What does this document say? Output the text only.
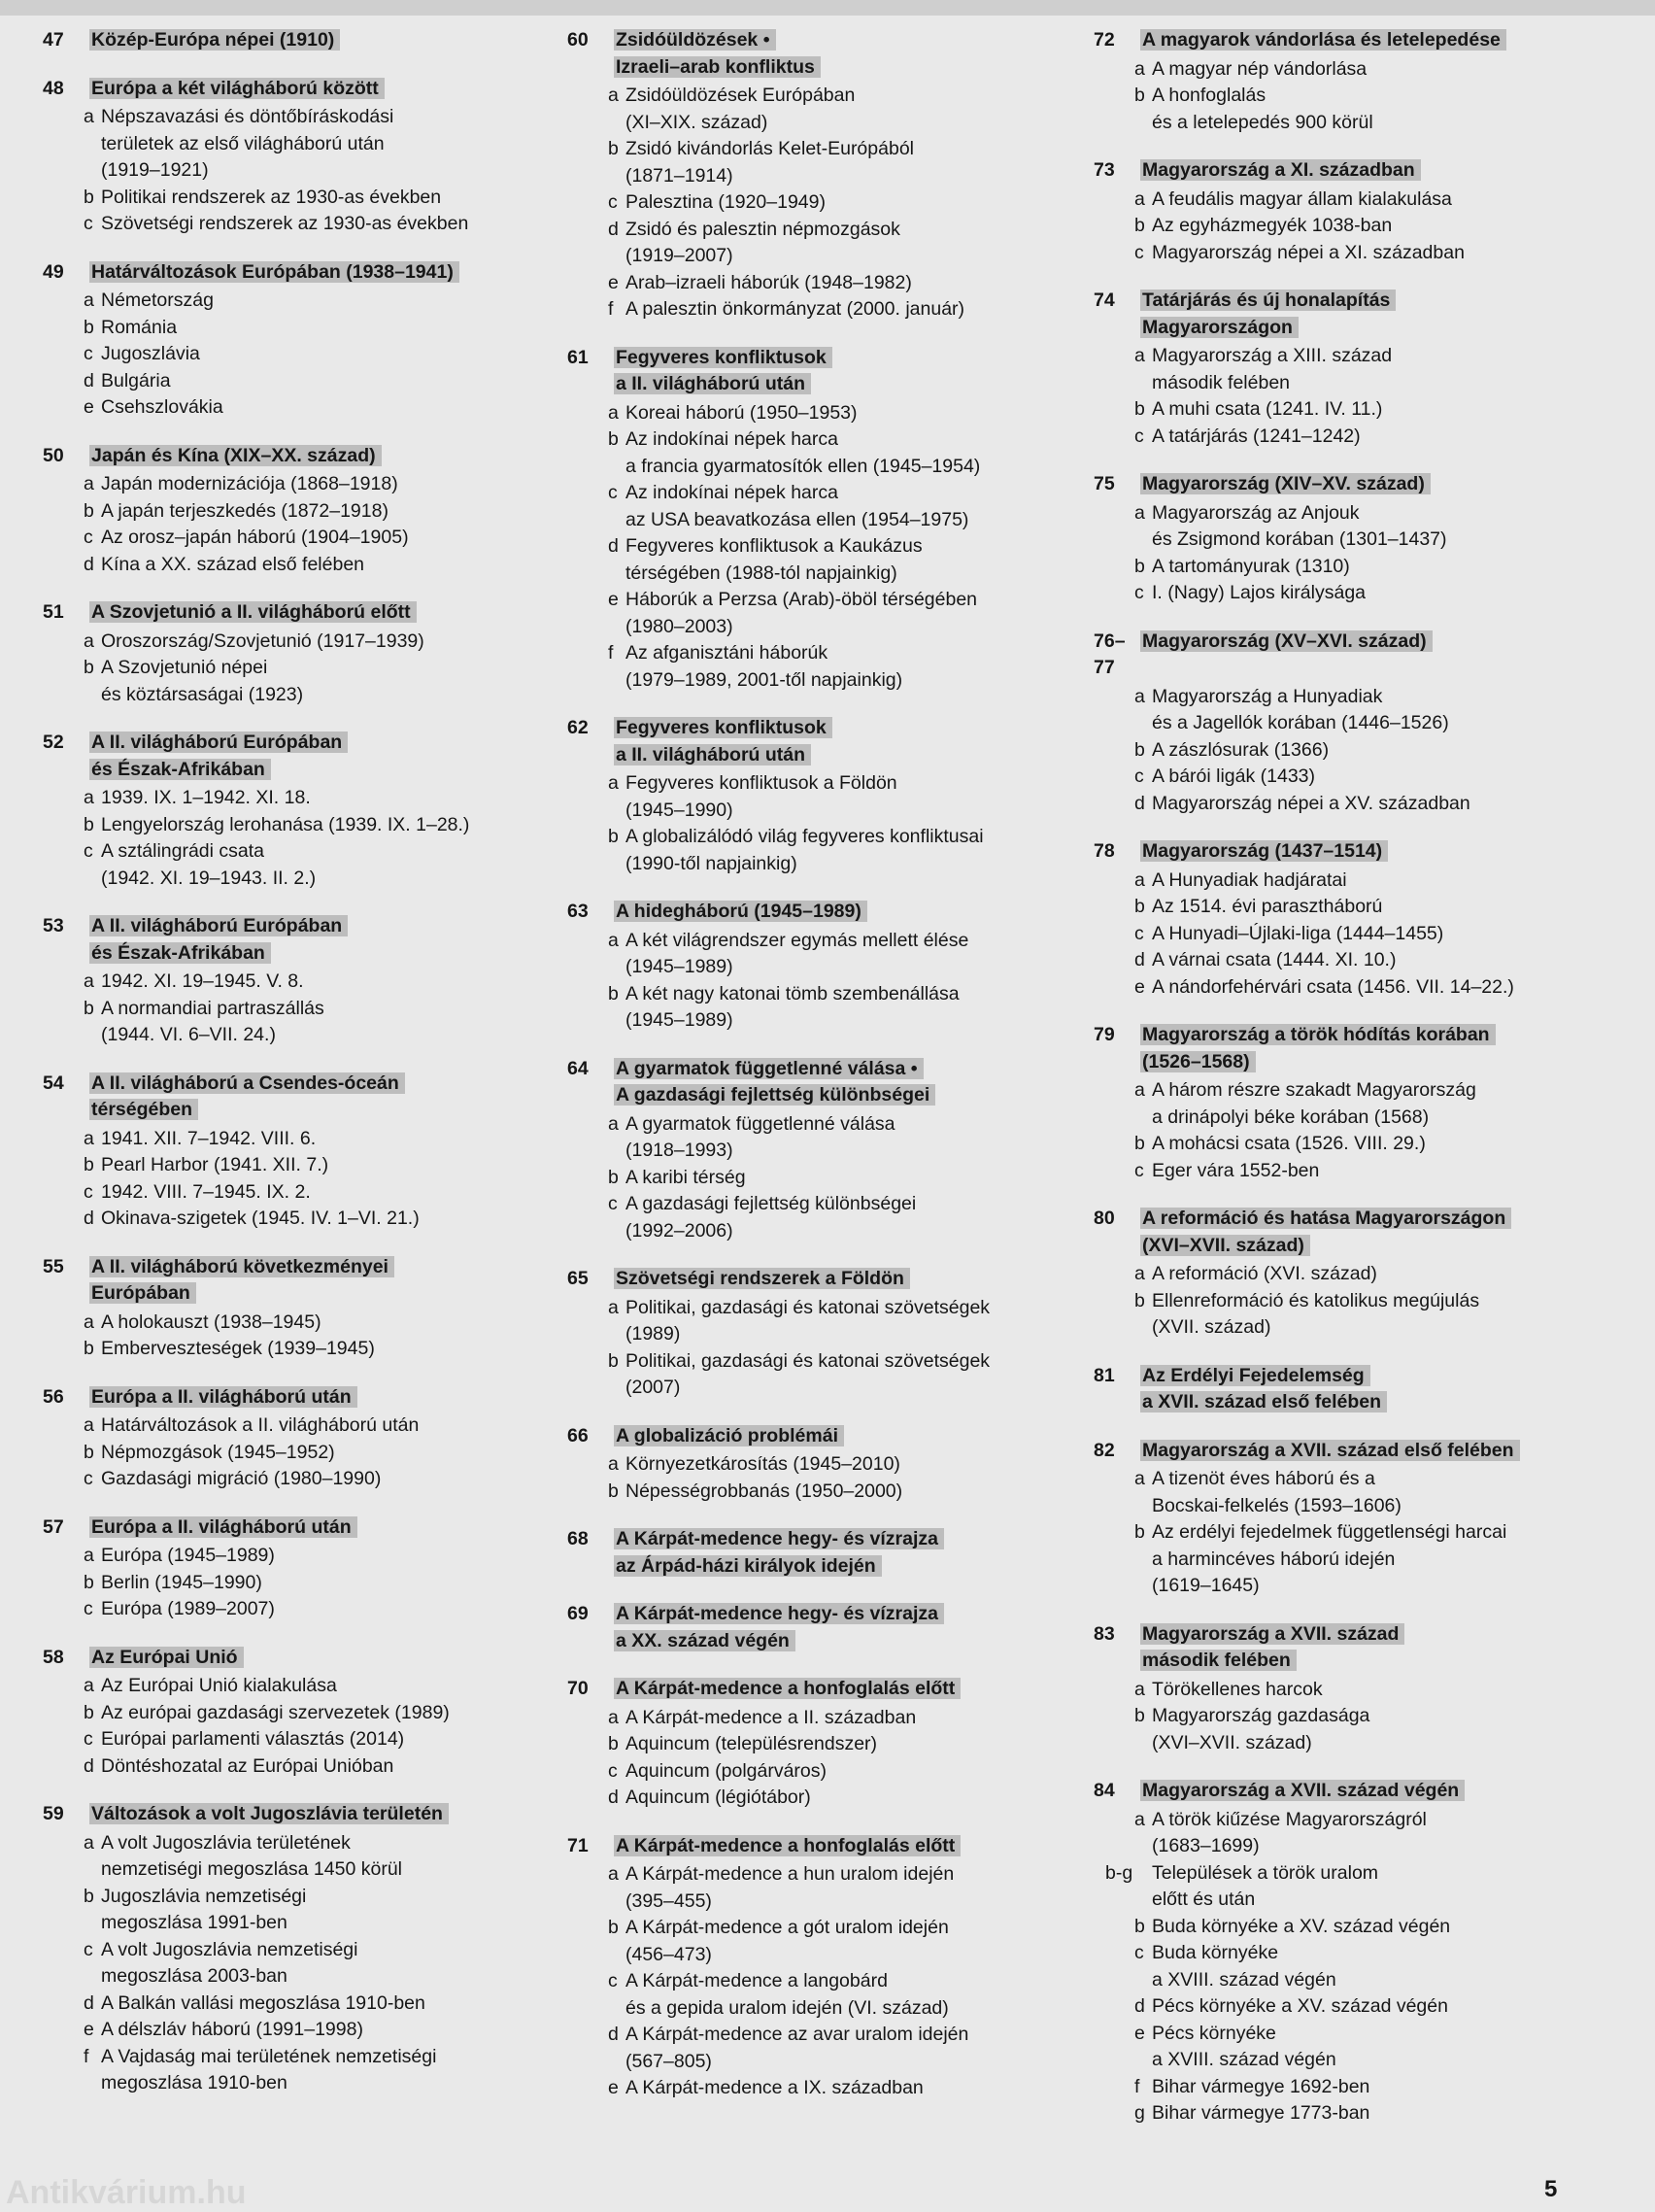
47	Közép-Európa népei (1910)
48	Európa a két világháború között
a Népszavazási és döntőbíráskodási
területek az első világháború után
(1919–1921)
b Politikai rendszerek az 1930-as években
c Szövetségi rendszerek az 1930-as években
49	Határváltozások Európában (1938–1941)
a Németország
b Románia
c Jugoszlávia
d Bulgária
e Csehszlovákia
50	Japán és Kína (XIX–XX. század)
a Japán modernizációja (1868–1918)
b A japán terjeszkedés (1872–1918)
c Az orosz–japán háború (1904–1905)
d Kína a XX. század első felében
51	A Szovjetunió a II. világháború előtt
a Oroszország/Szovjetunió (1917–1939)
b A Szovjetunió népei
és köztársaságai (1923)
52	A II. világháború Európában
és Észak-Afrikában
a 1939. IX. 1–1942. XI. 18.
b Lengyelország lerohanása (1939. IX. 1–28.)
c A sztálingrádi csata
(1942. XI. 19–1943. II. 2.)
53	A II. világháború Európában
és Észak-Afrikában
a 1942. XI. 19–1945. V. 8.
b A normandiai partraszállás
(1944. VI. 6–VII. 24.)
54	A II. világháború a Csendes-óceán
térségében
a 1941. XII. 7–1942. VIII. 6.
b Pearl Harbor (1941. XII. 7.)
c 1942. VIII. 7–1945. IX. 2.
d Okinava-szigetek (1945. IV. 1–VI. 21.)
55	A II. világháború következményei
Európában
a A holokauszt (1938–1945)
b Emberveszteségek (1939–1945)
56	Európa a II. világháború után
a Határváltozások a II. világháború után
b Népmozgások (1945–1952)
c Gazdasági migráció (1980–1990)
57	Európa a II. világháború után
a Európa (1945–1989)
b Berlin (1945–1990)
c Európa (1989–2007)
58	Az Európai Unió
a Az Európai Unió kialakulása
b Az európai gazdasági szervezetek (1989)
c Európai parlamenti választás (2014)
d Döntéshozatal az Európai Unióban
59	Változások a volt Jugoszlávia területén
a A volt Jugoszlávia területének
nemzetiségi megoszlása 1450 körül
b Jugoszlávia nemzetiségi
megoszlása 1991-ben
c A volt Jugoszlávia nemzetiségi
megoszlása 2003-ban
d A Balkán vallási megoszlása 1910-ben
e A délszláv háború (1991–1998)
f A Vajdaság mai területének nemzetiségi
megoszlása 1910-ben
60	Zsidóüldözések •
Izraeli–arab konfliktus
a Zsidóüldözések Európában
(XI–XIX. század)
b Zsidó kivándorlás Kelet-Európából
(1871–1914)
c Palesztina (1920–1949)
d Zsidó és palesztin népmozgások
(1919–2007)
e Arab–izraeli háborúk (1948–1982)
f A palesztin önkormányzat (2000. január)
61	Fegyveres konfliktusok
a II. világháború után
a Koreai háború (1950–1953)
b Az indokínai népek harca
a francia gyarmatosítók ellen (1945–1954)
c Az indokínai népek harca
az USA beavatkozása ellen (1954–1975)
d Fegyveres konfliktusok a Kaukázus
térségében (1988-tól napjainkig)
e Háborúk a Perzsa (Arab)-öböl térségében
(1980–2003)
f Az afganisztáni háborúk
(1979–1989, 2001-től napjainkig)
62	Fegyveres konfliktusok
a II. világháború után
a Fegyveres konfliktusok a Földön
(1945–1990)
b A globalizálódó világ fegyveres konfliktusai
(1990-től napjainkig)
63	A hidegháború (1945–1989)
a A két világrendszer egymás mellett élése
(1945–1989)
b A két nagy katonai tömb szembenállása
(1945–1989)
64	A gyarmatok függetlenné válása •
A gazdasági fejlettség különbségei
a A gyarmatok függetlenné válása
(1918–1993)
b A karibi térség
c A gazdasági fejlettség különbségei
(1992–2006)
65	Szövetségi rendszerek a Földön
a Politikai, gazdasági és katonai szövetségek
(1989)
b Politikai, gazdasági és katonai szövetségek
(2007)
66	A globalizáció problémái
a Környezetkárosítás (1945–2010)
b Népességrobbanás (1950–2000)
68	A Kárpát-medence hegy- és vízrajza
az Árpád-házi királyok idején
69	A Kárpát-medence hegy- és vízrajza
a XX. század végén
70	A Kárpát-medence a honfoglalás előtt
a A Kárpát-medence a II. században
b Aquincum (településrendszer)
c Aquincum (polgárváros)
d Aquincum (légiótábor)
71	A Kárpát-medence a honfoglalás előtt
a A Kárpát-medence a hun uralom idején
(395–455)
b A Kárpát-medence a gót uralom idején
(456–473)
c A Kárpát-medence a langobárd
és a gepida uralom idején (VI. század)
d A Kárpát-medence az avar uralom idején
(567–805)
e A Kárpát-medence a IX. században
72	A magyarok vándorlása és letelepedése
a A magyar nép vándorlása
b A honfoglalás
és a letelepedés 900 körül
73	Magyarország a XI. században
a A feudális magyar állam kialakulása
b Az egyházmegyék 1038-ban
c Magyarország népei a XI. században
74	Tatárjárás és új honalapítás
Magyarországon
a Magyarország a XIII. század
második felében
b A muhi csata (1241. IV. 11.)
c A tatárjárás (1241–1242)
75	Magyarország (XIV–XV. század)
a Magyarország az Anjouk
és Zsigmond korában (1301–1437)
b A tartományurak (1310)
c I. (Nagy) Lajos királysága
76–77
Magyarország (XV–XVI. század)
a Magyarország a Hunyadiak
és a Jagellók korában (1446–1526)
b A zászlósurak (1366)
c A bárói ligák (1433)
d Magyarország népei a XV. században
78	Magyarország (1437–1514)
a A Hunyadiak hadjáratai
b Az 1514. évi parasztháború
c A Hunyadi–Újlaki-liga (1444–1455)
d A várnai csata (1444. XI. 10.)
e A nándorfehérvári csata (1456. VII. 14–22.)
79	Magyarország a török hódítás korában
(1526–1568)
a A három részre szakadt Magyarország
a drinápolyi béke korában (1568)
b A mohácsi csata (1526. VIII. 29.)
c Eger vára 1552-ben
80	A reformáció és hatása Magyarországon
(XVI–XVII. század)
a A reformáció (XVI. század)
b Ellenreformáció és katolikus megújulás
(XVII. század)
81	Az Erdélyi Fejedelemség
a XVII. század első felében
82	Magyarország a XVII. század első felében
a A tizenöt éves háború és a
Bocskai-felkelés (1593–1606)
b Az erdélyi fejedelmek függetlenségi harcai
a harmincéves háború idején
(1619–1645)
83	Magyarország a XVII. század
második felében
a Törökellenes harcok
b Magyarország gazdasága
(XVI–XVII. század)
84	Magyarország a XVII. század végén
a A török kiűzése Magyarországról
(1683–1699)
b-g	Települések a török uralom
előtt és után
b Buda környéke a XV. század végén
c Buda környéke
a XVIII. század végén
d Pécs környéke a XV. század végén
e Pécs környéke
a XVIII. század végén
f Bihar vármegye 1692-ben
g Bihar vármegye 1773-ban
Antikvárium.hu	5
